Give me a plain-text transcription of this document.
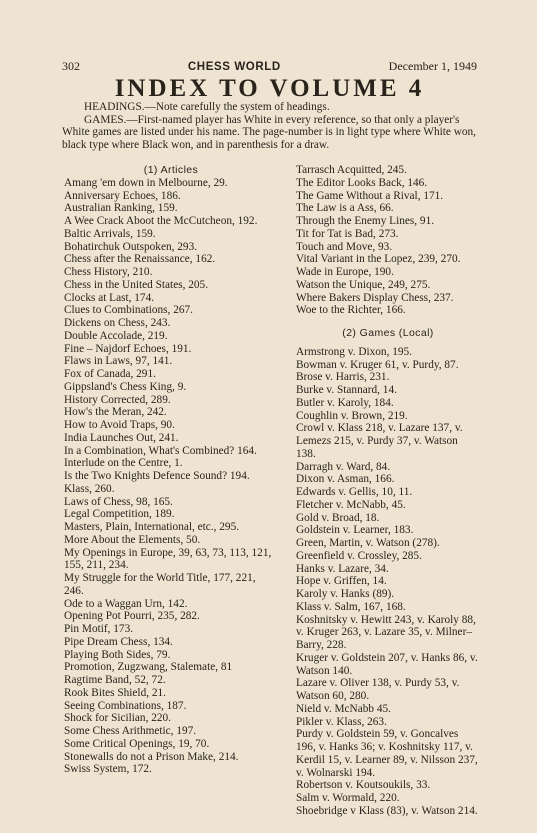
302	CHESS WORLD	December 1, 1949
INDEX TO VOLUME 4

HEADINGS.—Note carefully the system of headings.

GAMES.—First-named player has White in every reference, so that only a player's White games are listed under his name. The page-number is in light type where White won, black type where Black won, and in parenthesis for a draw.

(1) Articles
Amang 'em down in Melbourne, 29.
Anniversary Echoes, 186.
Australian Ranking, 159.
A Wee Crack Aboot the McCutcheon, 192.
Baltic Arrivals, 159.
Bohatirchuk Outspoken, 293.
Chess after the Renaissance, 162.
Chess History, 210.
Chess in the United States, 205.
Clocks at Last, 174.
Clues to Combinations, 267.
Dickens on Chess, 243.
Double Accolade, 219.
Fine – Najdorf Echoes, 191.
Flaws in Laws, 97, 141.
Fox of Canada, 291.
Gippsland's Chess King, 9.
History Corrected, 289.
How's the Meran, 242.
How to Avoid Traps, 90.
India Launches Out, 241.
In a Combination, What's Combined? 164.
Interlude on the Centre, 1.
Is the Two Knights Defence Sound? 194.
Klass, 260.
Laws of Chess, 98, 165.
Legal Competition, 189.
Masters, Plain, International, etc., 295.
More About the Elements, 50.
My Openings in Europe, 39, 63, 73, 113, 121, 155, 211, 234.
My Struggle for the World Title, 177, 221, 246.
Ode to a Waggan Urn, 142.
Opening Pot Pourri, 235, 282.
Pin Motif, 173.
Pipe Dream Chess, 134.
Playing Both Sides, 79.
Promotion, Zugzwang, Stalemate, 81
Ragtime Band, 52, 72.
Rook Bites Shield, 21.
Seeing Combinations, 187.
Shock for Sicilian, 220.
Some Chess Arithmetic, 197.
Some Critical Openings, 19, 70.
Stonewalls do not a Prison Make, 214.
Swiss System, 172.
Tarrasch Acquitted, 245.
The Editor Looks Back, 146.
The Game Without a Rival, 171.
The Law is a Ass, 66.
Through the Enemy Lines, 91.
Tit for Tat is Bad, 273.
Touch and Move, 93.
Vital Variant in the Lopez, 239, 270.
Wade in Europe, 190.
Watson the Unique, 249, 275.
Where Bakers Display Chess, 237.
Woe to the Richter, 166.
(2) Games (Local)
Armstrong v. Dixon, 195.
Bowman v. Kruger 61, v. Purdy, 87.
Brose v. Harris, 231.
Burke v. Stannard, 14.
Butler v. Karoly, 184.
Coughlin v. Brown, 219.
Crowl v. Klass 218, v. Lazare 137, v. Lemezs 215, v. Purdy 37, v. Watson 138.
Darragh v. Ward, 84.
Dixon v. Asman, 166.
Edwards v. Gellis, 10, 11.
Fletcher v. McNabb, 45.
Gold v. Broad, 18.
Goldstein v. Learner, 183.
Green, Martin, v. Watson (278).
Greenfield v. Crossley, 285.
Hanks v. Lazare, 34.
Hope v. Griffen, 14.
Karoly v. Hanks (89).
Klass v. Salm, 167, 168.
Koshnitsky v. Hewitt 243, v. Karoly 88, v. Kruger 263, v. Lazare 35, v. Milner–Barry, 228.
Kruger v. Goldstein 207, v. Hanks 86, v. Watson 140.
Lazare v. Oliver 138, v. Purdy 53, v. Watson 60, 280.
Nield v. McNabb 45.
Pikler v. Klass, 263.
Purdy v. Goldstein 59, v. Goncalves 196, v. Hanks 36; v. Koshnitsky 117, v. Kerdil 15, v. Learner 89, v. Nilsson 237, v. Wolnarski 194.
Robertson v. Koutsoukils, 33.
Salm v. Wormald, 220.
Shoebridge v Klass (83), v. Watson 214.
